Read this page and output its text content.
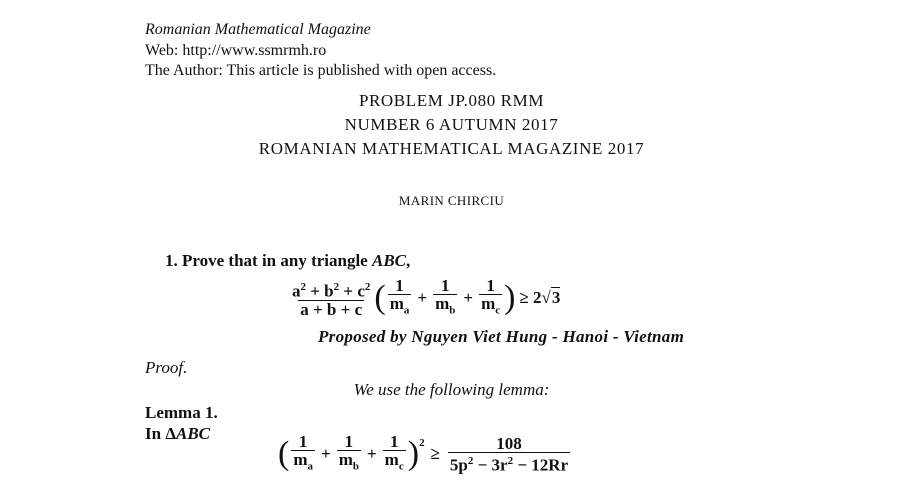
Romanian Mathematical Magazine
Web: http://www.ssmrmh.ro
The Author: This article is published with open access.
PROBLEM JP.080 RMM
NUMBER 6 AUTUMN 2017
ROMANIAN MATHEMATICAL MAGAZINE 2017
MARIN CHIRCIU
1. Prove that in any triangle ABC,
$\frac{a^2 + b^2 + c^2}{a + b + c}$ ( $\frac{1}{m_a} + \frac{1}{m_b} + \frac{1}{m_c}$ ) ≥ 2√3
Proposed by Nguyen Viet Hung - Hanoi - Vietnam
Proof.
We use the following lemma:
Lemma 1.
In ΔABC
( $\frac{1}{m_a} + \frac{1}{m_b} + \frac{1}{m_c} )^2$
≥ $\frac{108}{5p^2 - 3r^2 - 12Rr}$
